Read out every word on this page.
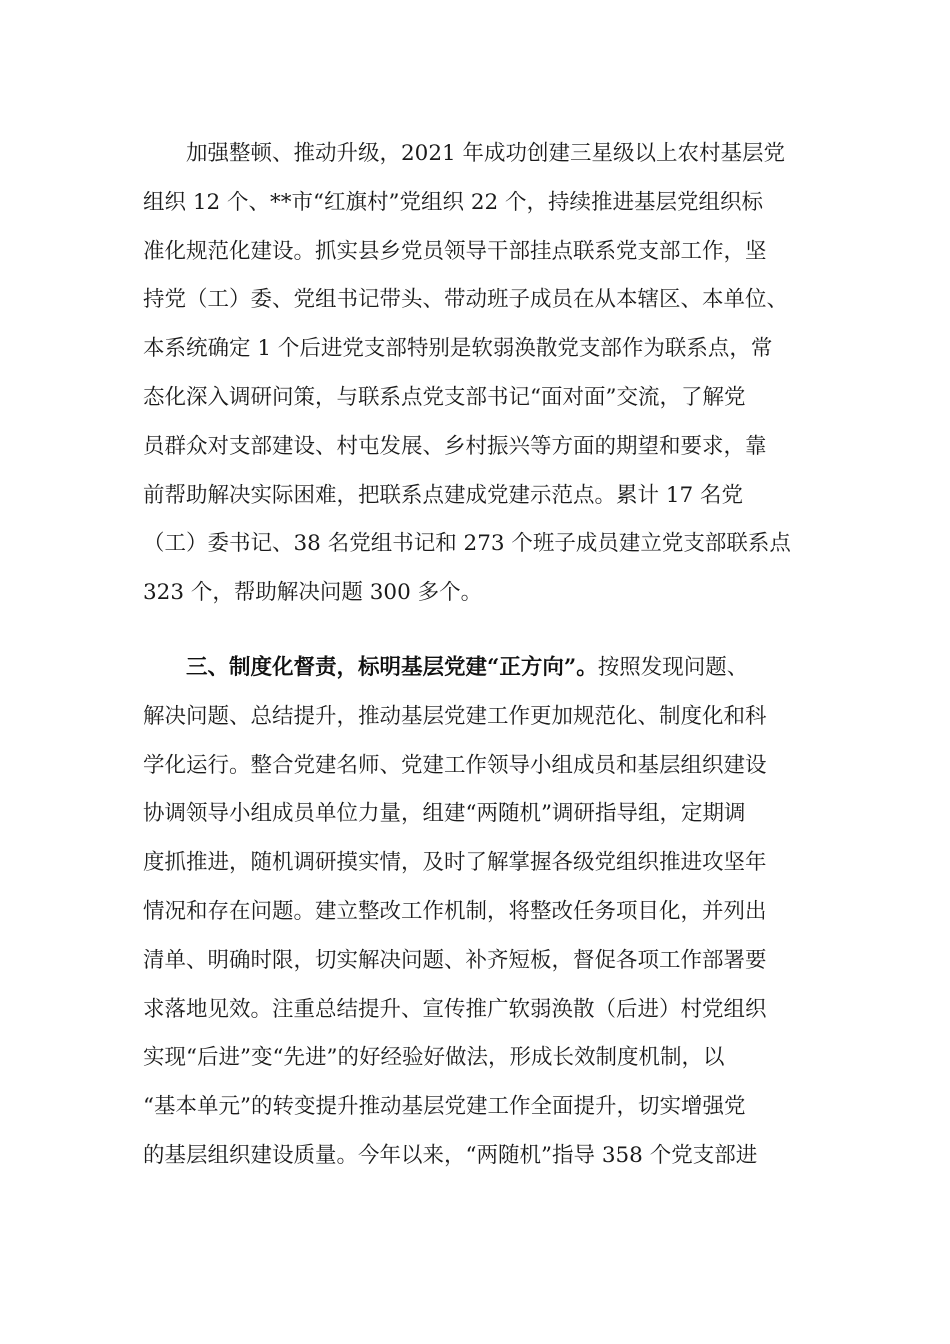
加强整顿、推动升级，2021 年成功创建三星级以上农村基层党
组织 12 个、**市“红旗村”党组织 22 个，持续推进基层党组织标
准化规范化建设。抓实县乡党员领导干部挂点联系党支部工作，坚
持党（工）委、党组书记带头、带动班子成员在从本辖区、本单位、
本系统确定 1 个后进党支部特别是软弱涣散党支部作为联系点，常
态化深入调研问策，与联系点党支部书记“面对面”交流，了解党
员群众对支部建设、村屯发展、乡村振兴等方面的期望和要求，靠
前帮助解决实际困难，把联系点建成党建示范点。累计 17 名党
（工）委书记、38 名党组书记和 273 个班子成员建立党支部联系点
323 个，帮助解决问题 300 多个。
三、制度化督责，标明基层党建“正方向”。按照发现问题、
解决问题、总结提升，推动基层党建工作更加规范化、制度化和科
学化运行。整合党建名师、党建工作领导小组成员和基层组织建设
协调领导小组成员单位力量，组建“两随机”调研指导组，定期调
度抓推进，随机调研摸实情，及时了解掌握各级党组织推进攻坚年
情况和存在问题。建立整改工作机制，将整改任务项目化，并列出
清单、明确时限，切实解决问题、补齐短板，督促各项工作部署要
求落地见效。注重总结提升、宣传推广软弱涣散（后进）村党组织
实现“后进”变“先进”的好经验好做法，形成长效制度机制，以
“基本单元”的转变提升推动基层党建工作全面提升，切实增强党
的基层组织建设质量。今年以来，“两随机”指导 358 个党支部进
